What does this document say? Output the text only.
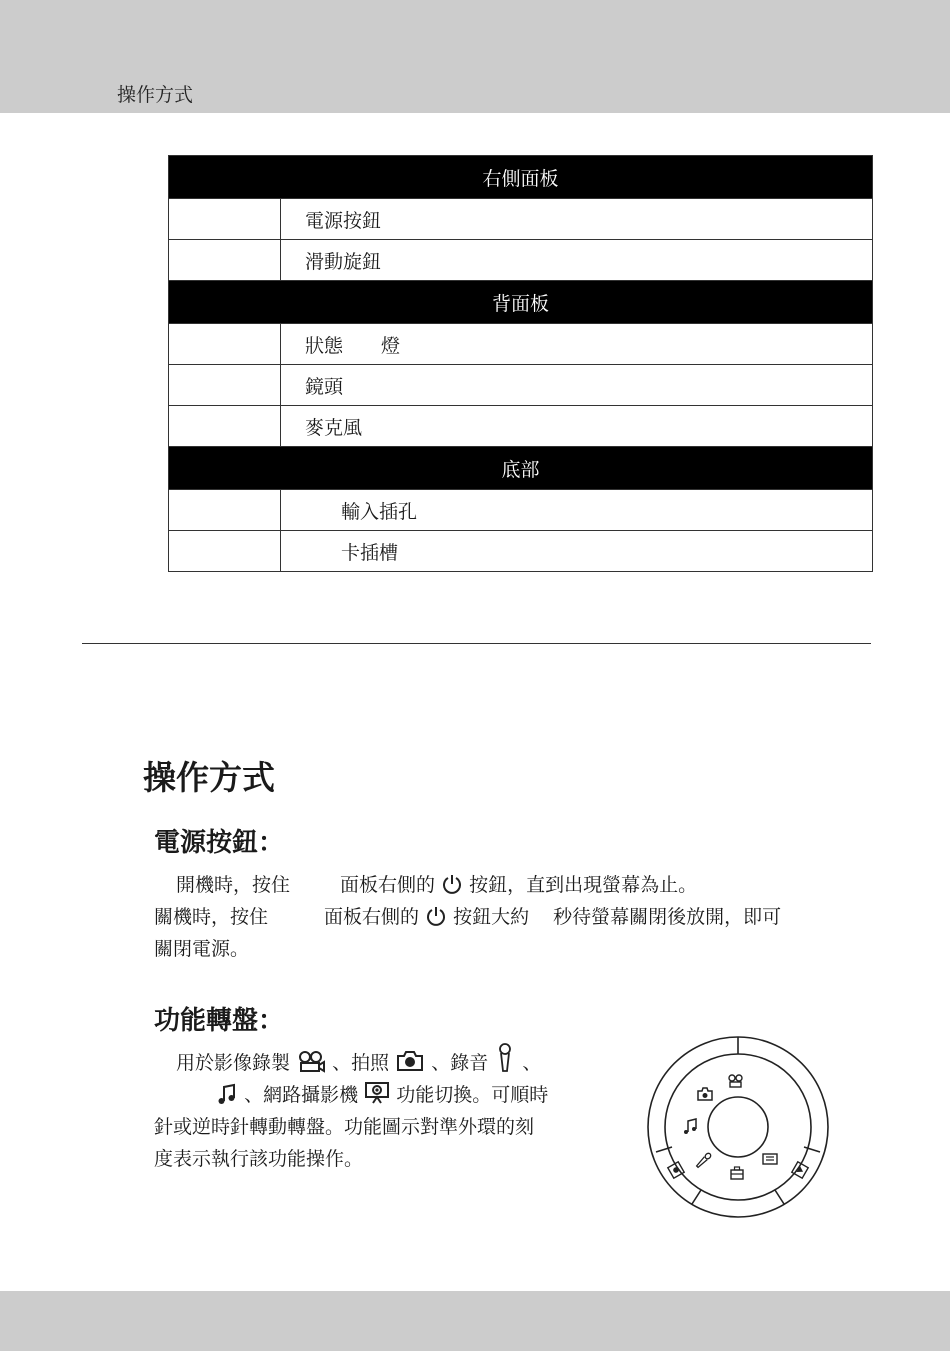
操作方式
右側面板	
	電源按鈕
	滑動旋鈕
背面板	
	狀態　　燈
	鏡頭
	麥克風
底部	
	輸入插孔
	卡插槽
操作方式
電源按鈕：
開機時，按住	面板右側的 按鈕，直到出現螢幕為止。
關機時，按住	面板右側的 按鈕大約 秒待螢幕關閉後放開，即可
關閉電源。
功能轉盤：
用於影像錄製 、拍照 、錄音 、
、網路攝影機 功能切換。可順時
針或逆時針轉動轉盤。功能圖示對準外環的刻
度表示執行該功能操作。
